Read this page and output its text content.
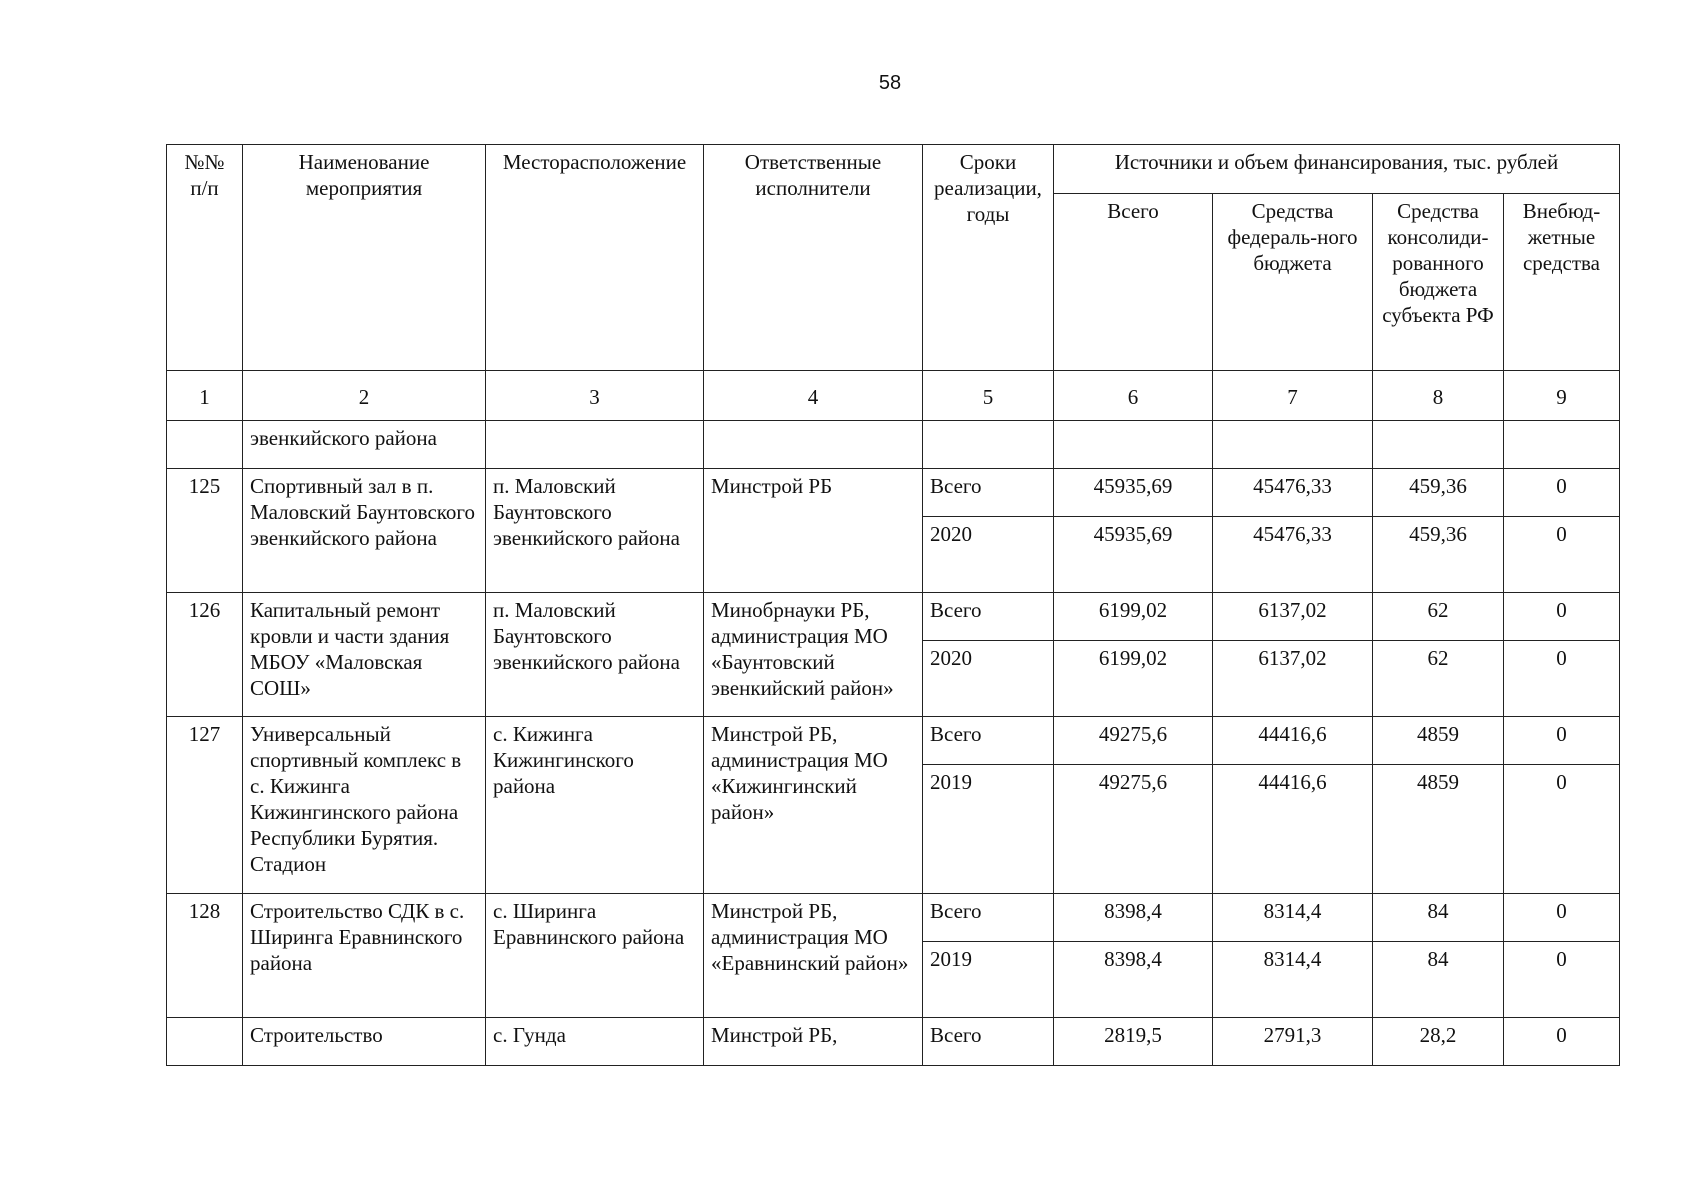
58
№№ п/п	Наименование мероприятия	Месторасположение	Ответственные исполнители	Сроки реализации, годы	Источники и объем финансирования, тыс. рублей			
					Всего	Средства федераль-ного бюджета	Средства консолиди-рованного бюджета субъекта РФ	Внебюд-жетные средства
1	2	3	4	5	6	7	8	9
	эвенкийского района							
125	Спортивный зал в п. Маловский Баунтовского эвенкийского района	п. Маловский Баунтовского эвенкийского района	Минстрой РБ	Всего	45935,69	45476,33	459,36	0
				2020	45935,69	45476,33	459,36	0
126	Капитальный ремонт кровли и части здания МБОУ «Маловская СОШ»	п. Маловский Баунтовского эвенкийского района	Минобрнауки РБ, администрация МО «Баунтовский эвенкийский район»	Всего	6199,02	6137,02	62	0
				2020	6199,02	6137,02	62	0
127	Универсальный спортивный комплекс в с. Кижинга Кижингинского района Республики Бурятия. Стадион	с. Кижинга Кижингинского района	Минстрой РБ, администрация МО «Кижингинский район»	Всего	49275,6	44416,6	4859	0
				2019	49275,6	44416,6	4859	0
128	Строительство СДК в с. Ширинга Еравнинского района	с. Ширинга Еравнинского района	Минстрой РБ, администрация МО «Еравнинский район»	Всего	8398,4	8314,4	84	0
				2019	8398,4	8314,4	84	0
	Строительство	с. Гунда	Минстрой РБ,	Всего	2819,5	2791,3	28,2	0
